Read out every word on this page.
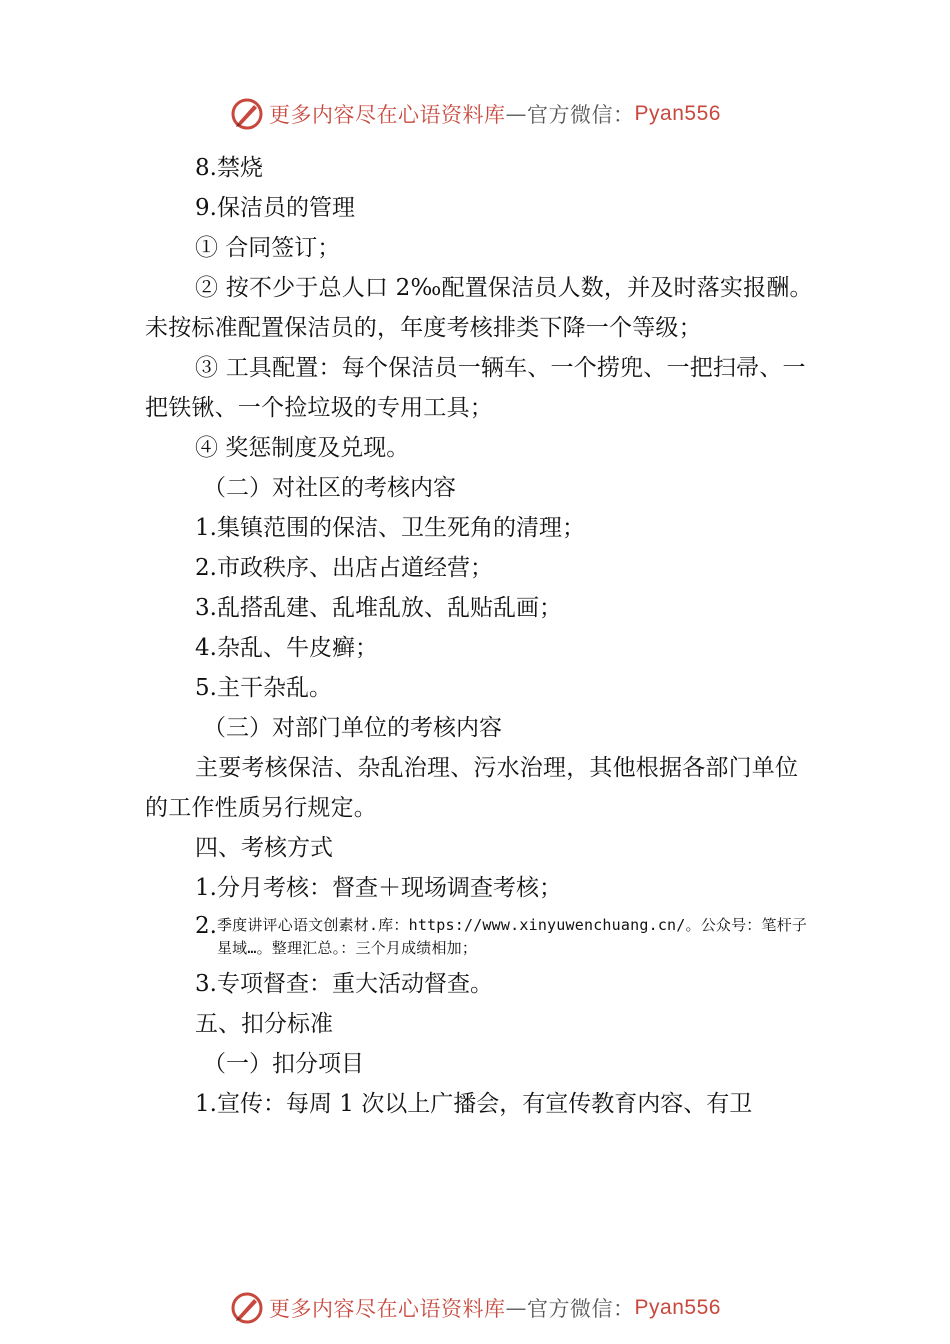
更多内容尽在心语资料库 — 官方微信： Pyan556

8.禁烧

9.保洁员的管理

① 合同签订；

② 按不少于总人口 2‰配置保洁员人数，并及时落实报酬。未按标准配置保洁员的，年度考核排类下降一个等级；

③ 工具配置：每个保洁员一辆车、一个捞兜、一把扫帚、一把铁锹、一个捡垃圾的专用工具；

④ 奖惩制度及兑现。

（二）对社区的考核内容

1.集镇范围的保洁、卫生死角的清理；

2.市政秩序、出店占道经营；

3.乱搭乱建、乱堆乱放、乱贴乱画；

4.杂乱、牛皮癣；

5.主干杂乱。

（三）对部门单位的考核内容

主要考核保洁、杂乱治理、污水治理，其他根据各部门单位的工作性质另行规定。

四、考核方式

1.分月考核：督查＋现场调查考核；

2. 季度讲评心语文创素材.库：https://www.xinyuwenchuang.cn/。公众号：笔杆子星域…。整理汇总。：三个月成绩相加；

3.专项督查：重大活动督查。

五、扣分标准

（一）扣分项目

1.宣传：每周 1 次以上广播会，有宣传教育内容、有卫

更多内容尽在心语资料库 — 官方微信： Pyan556
